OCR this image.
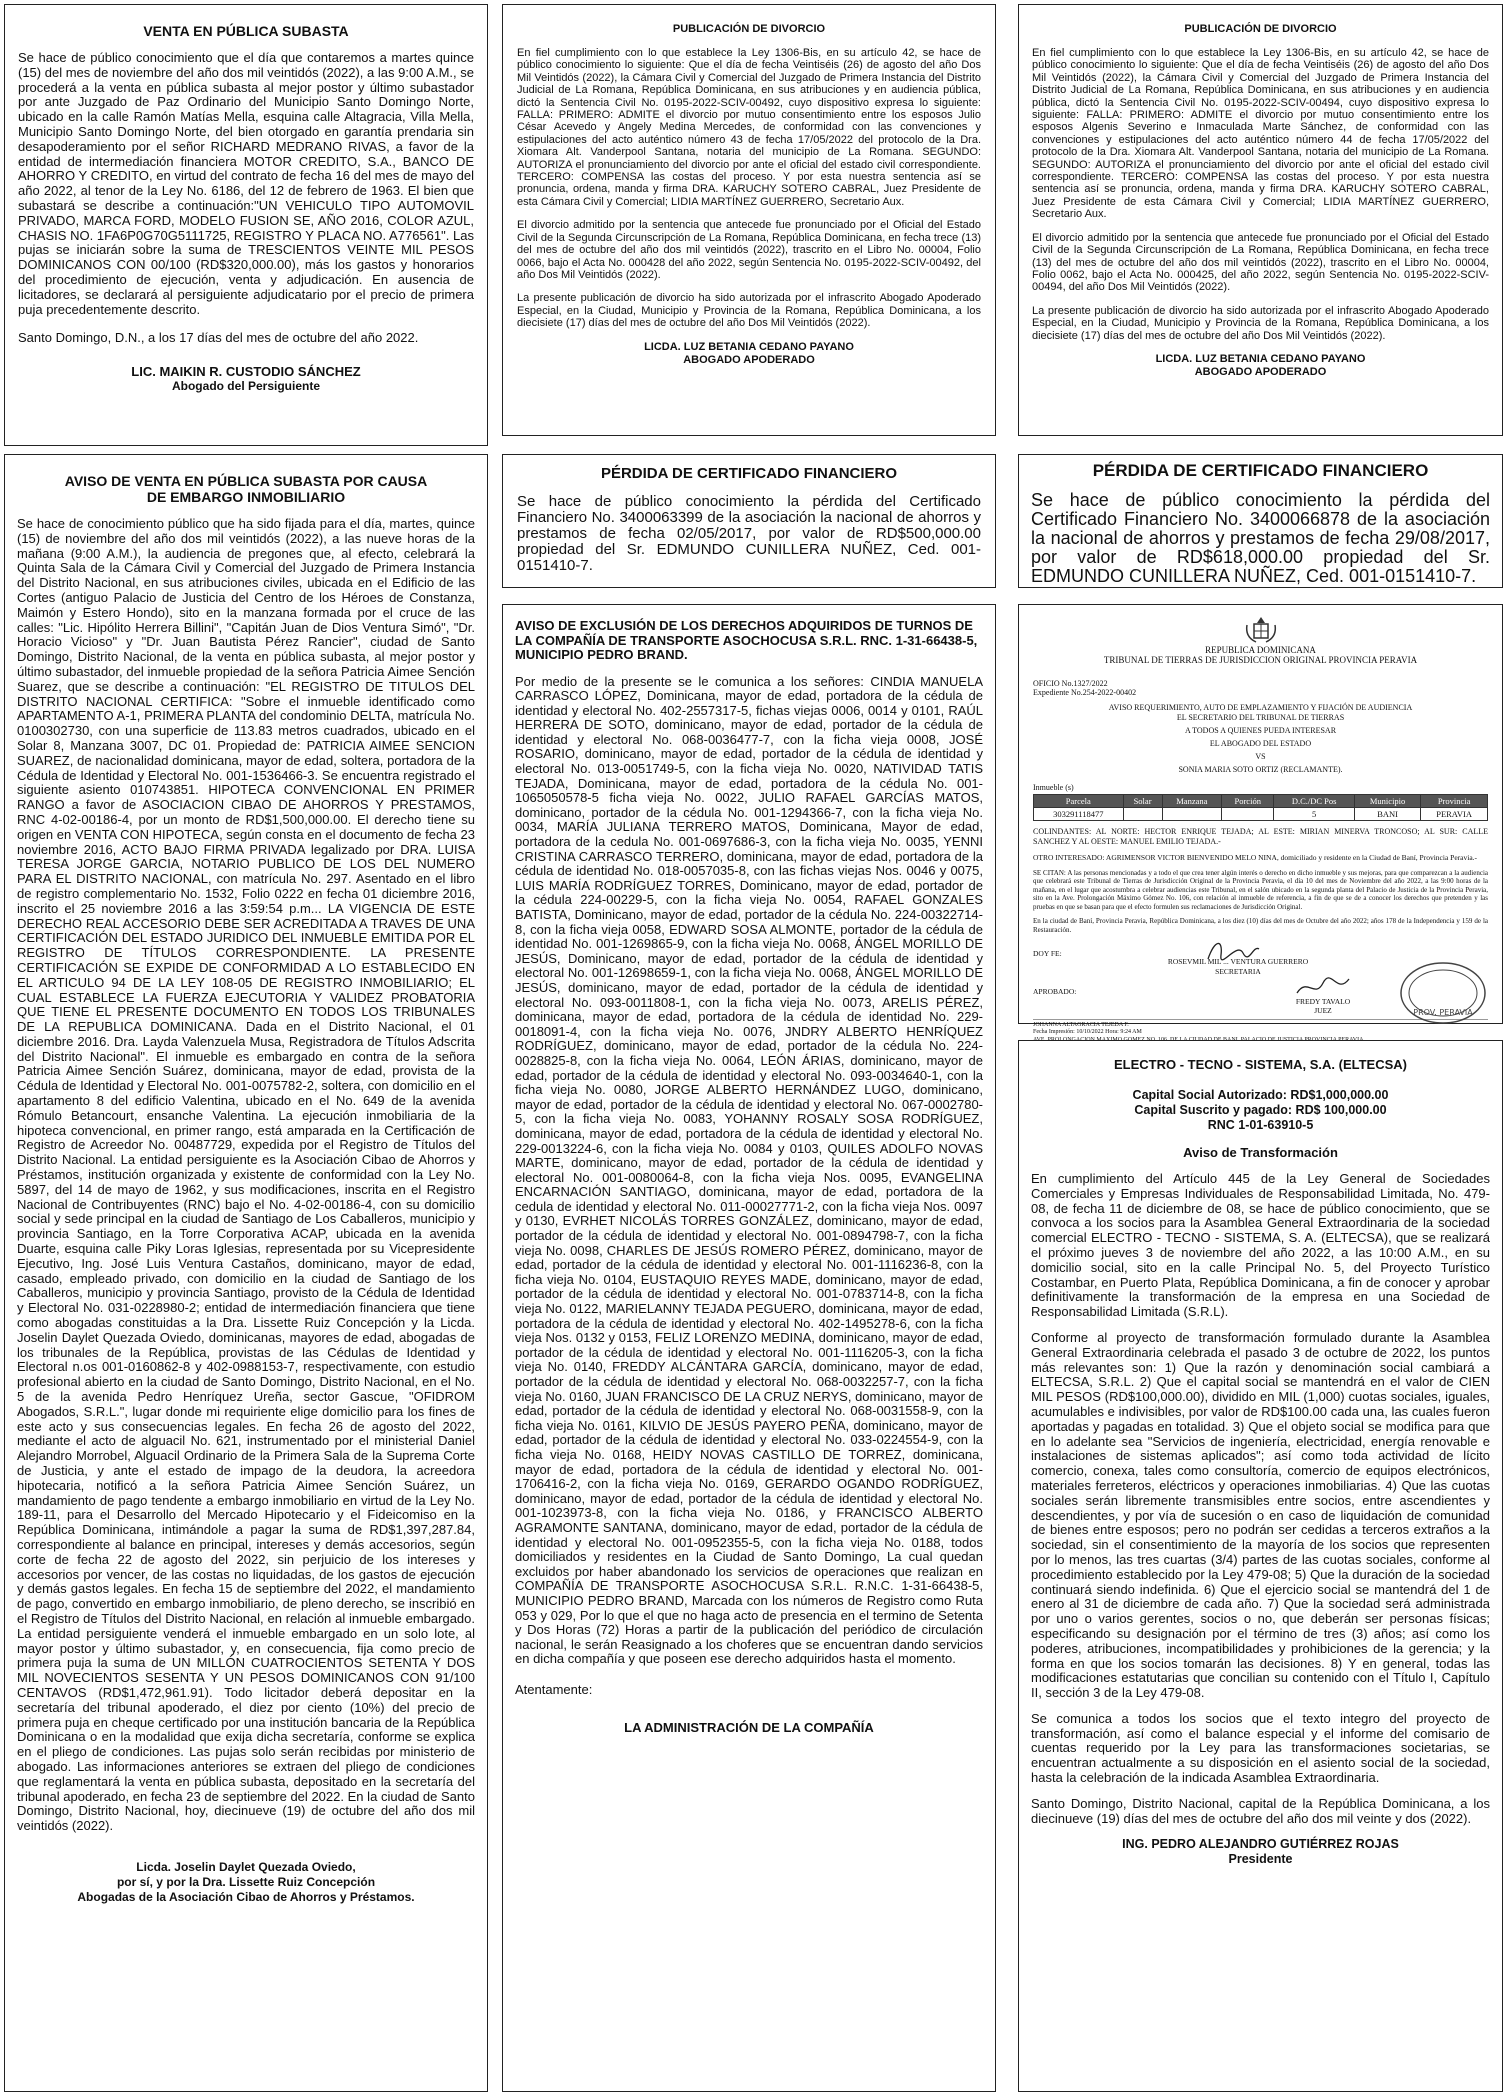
VENTA EN PÚBLICA SUBASTA
Se hace de público conocimiento que el día que contaremos a martes quince (15) del mes de noviembre del año dos mil veintidós (2022), a las 9:00 A.M., se procederá a la venta en pública subasta al mejor postor y último subastador por ante Juzgado de Paz Ordinario del Municipio Santo Domingo Norte, ubicado en la calle Ramón Matías Mella, esquina calle Altagracia, Villa Mella, Municipio Santo Domingo Norte, del bien otorgado en garantía prendaria sin desapoderamiento por el señor RICHARD MEDRANO RIVAS, a favor de la entidad de intermediación financiera MOTOR CREDITO, S.A., BANCO DE AHORRO Y CREDITO, en virtud del contrato de fecha 16 del mes de mayo del año 2022, al tenor de la Ley No. 6186, del 12 de febrero de 1963. El bien que subastará se describe a continuación:"UN VEHICULO TIPO AUTOMOVIL PRIVADO, MARCA FORD, MODELO FUSION SE, AÑO 2016, COLOR AZUL, CHASIS NO. 1FA6P0G70G5111725, REGISTRO Y PLACA NO. A776561". Las pujas se iniciarán sobre la suma de TRESCIENTOS VEINTE MIL PESOS DOMINICANOS CON 00/100 (RD$320,000.00), más los gastos y honorarios del procedimiento de ejecución, venta y adjudicación. En ausencia de licitadores, se declarará al persiguiente adjudicatario por el precio de primera puja precedentemente descrito.
Santo Domingo, D.N., a los 17 días del mes de octubre del año 2022.
LIC. MAIKIN R. CUSTODIO SÁNCHEZ
Abogado del Persiguiente
AVISO DE VENTA EN PÚBLICA SUBASTA POR CAUSA DE EMBARGO INMOBILIARIO
Se hace de conocimiento público que ha sido fijada para el día, martes, quince (15) de noviembre del año dos mil veintidós (2022), a las nueve horas de la mañana (9:00 A.M.), la audiencia de pregones que, al efecto, celebrará la Quinta Sala de la Cámara Civil y Comercial del Juzgado de Primera Instancia del Distrito Nacional, en sus atribuciones civiles, ubicada en el Edificio de las Cortes (antiguo Palacio de Justicia del Centro de los Héroes de Constanza, Maimón y Estero Hondo), sito en la manzana formada por el cruce de las calles: "Lic. Hipólito Herrera Billini", "Capitán Juan de Dios Ventura Simó", "Dr. Horacio Vicioso" y "Dr. Juan Bautista Pérez Rancier", ciudad de Santo Domingo, Distrito Nacional, de la venta en pública subasta, al mejor postor y último subastador, del inmueble propiedad de la señora Patricia Aimee Sención Suarez, que se describe a continuación: "EL REGISTRO DE TITULOS DEL DISTRITO NACIONAL CERTIFICA: "Sobre el inmueble identificado como APARTAMENTO A-1, PRIMERA PLANTA del condominio DELTA, matrícula No. 0100302730, con una superficie de 113.83 metros cuadrados, ubicado en el Solar 8, Manzana 3007, DC 01. Propiedad de: PATRICIA AIMEE SENCION SUAREZ, de nacionalidad dominicana, mayor de edad, soltera, portadora de la Cédula de Identidad y Electoral No. 001-1536466-3. Se encuentra registrado el siguiente asiento 010743851. HIPOTECA CONVENCIONAL EN PRIMER RANGO a favor de ASOCIACION CIBAO DE AHORROS Y PRESTAMOS, RNC 4-02-00186-4, por un monto de RD$1,500,000.00. El derecho tiene su origen en VENTA CON HIPOTECA, según consta en el documento de fecha 23 noviembre 2016, ACTO BAJO FIRMA PRIVADA legalizado por DRA. LUISA TERESA JORGE GARCIA, NOTARIO PUBLICO DE LOS DEL NUMERO PARA EL DISTRITO NACIONAL, con matrícula No. 297. Asentado en el libro de registro complementario No. 1532, Folio 0222 en fecha 01 diciembre 2016, inscrito el 25 noviembre 2016 a las 3:59:54 p.m... LA VIGENCIA DE ESTE DERECHO REAL ACCESORIO DEBE SER ACREDITADA A TRAVES DE UNA CERTIFICACIÓN DEL ESTADO JURIDICO DEL INMUEBLE EMITIDA POR EL REGISTRO DE TÍTULOS CORRESPONDIENTE. LA PRESENTE CERTIFICACIÓN SE EXPIDE DE CONFORMIDAD A LO ESTABLECIDO EN EL ARTICULO 94 DE LA LEY 108-05 DE REGISTRO INMOBILIARIO; EL CUAL ESTABLECE LA FUERZA EJECUTORIA Y VALIDEZ PROBATORIA QUE TIENE EL PRESENTE DOCUMENTO EN TODOS LOS TRIBUNALES DE LA REPUBLICA DOMINICANA. Dada en el Distrito Nacional, el 01 diciembre 2016. Dra. Layda Valenzuela Musa, Registradora de Títulos Adscrita del Distrito Nacional". El inmueble es embargado en contra de la señora Patricia Aimee Sención Suárez, dominicana, mayor de edad, provista de la Cédula de Identidad y Electoral No. 001-0075782-2, soltera, con domicilio en el apartamento 8 del edificio Valentina, ubicado en el No. 649 de la avenida Rómulo Betancourt, ensanche Valentina. La ejecución inmobiliaria de la hipoteca convencional, en primer rango, está amparada en la Certificación de Registro de Acreedor No. 00487729, expedida por el Registro de Títulos del Distrito Nacional. La entidad persiguiente es la Asociación Cibao de Ahorros y Préstamos, institución organizada y existente de conformidad con la Ley No. 5897, del 14 de mayo de 1962, y sus modificaciones, inscrita en el Registro Nacional de Contribuyentes (RNC) bajo el No. 4-02-00186-4, con su domicilio social y sede principal en la ciudad de Santiago de Los Caballeros, municipio y provincia Santiago, en la Torre Corporativa ACAP, ubicada en la avenida Duarte, esquina calle Piky Loras Iglesias, representada por su Vicepresidente Ejecutivo, Ing. José Luis Ventura Castaños, dominicano, mayor de edad, casado, empleado privado, con domicilio en la ciudad de Santiago de los Caballeros, municipio y provincia Santiago, provisto de la Cédula de Identidad y Electoral No. 031-0228980-2; entidad de intermediación financiera que tiene como abogadas constituidas a la Dra. Lissette Ruiz Concepción y la Licda. Joselin Daylet Quezada Oviedo, dominicanas, mayores de edad, abogadas de los tribunales de la República, provistas de las Cédulas de Identidad y Electoral n.os 001-0160862-8 y 402-0988153-7, respectivamente, con estudio profesional abierto en la ciudad de Santo Domingo, Distrito Nacional, en el No. 5 de la avenida Pedro Henríquez Ureña, sector Gascue, "OFIDROM Abogados, S.R.L.", lugar donde mi requiriente elige domicilio para los fines de este acto y sus consecuencias legales. En fecha 26 de agosto del 2022, mediante el acto de alguacil No. 621, instrumentado por el ministerial Daniel Alejandro Morrobel, Alguacil Ordinario de la Primera Sala de la Suprema Corte de Justicia, y ante el estado de impago de la deudora, la acreedora hipotecaria, notificó a la señora Patricia Aimee Sención Suárez, un mandamiento de pago tendente a embargo inmobiliario en virtud de la Ley No. 189-11, para el Desarrollo del Mercado Hipotecario y el Fideicomiso en la República Dominicana, intimándole a pagar la suma de RD$1,397,287.84, correspondiente al balance en principal, intereses y demás accesorios, según corte de fecha 22 de agosto del 2022, sin perjuicio de los intereses y accesorios por vencer, de las costas no liquidadas, de los gastos de ejecución y demás gastos legales. En fecha 15 de septiembre del 2022, el mandamiento de pago, convertido en embargo inmobiliario, de pleno derecho, se inscribió en el Registro de Títulos del Distrito Nacional, en relación al inmueble embargado. La entidad persiguiente venderá el inmueble embargado en un solo lote, al mayor postor y último subastador, y, en consecuencia, fija como precio de primera puja la suma de UN MILLÓN CUATROCIENTOS SETENTA Y DOS MIL NOVECIENTOS SESENTA Y UN PESOS DOMINICANOS CON 91/100 CENTAVOS (RD$1,472,961.91). Todo licitador deberá depositar en la secretaría del tribunal apoderado, el diez por ciento (10%) del precio de primera puja en cheque certificado por una institución bancaria de la República Dominicana o en la modalidad que exija dicha secretaría, conforme se explica en el pliego de condiciones. Las pujas solo serán recibidas por ministerio de abogado. Las informaciones anteriores se extraen del pliego de condiciones que reglamentará la venta en pública subasta, depositado en la secretaría del tribunal apoderado, en fecha 23 de septiembre del 2022. En la ciudad de Santo Domingo, Distrito Nacional, hoy, diecinueve (19) de octubre del año dos mil veintidós (2022).
Licda. Joselin Daylet Quezada Oviedo,
por sí, y por la Dra. Lissette Ruiz Concepción
Abogadas de la Asociación Cibao de Ahorros y Préstamos.
PUBLICACIÓN DE DIVORCIO

En fiel cumplimiento con lo que establece la Ley 1306-Bis, en su artículo 42, se hace de público conocimiento lo siguiente: Que el día de fecha Veintiséis (26) de agosto del año Dos Mil Veintidós (2022), la Cámara Civil y Comercial del Juzgado de Primera Instancia del Distrito Judicial de La Romana, República Dominicana, en sus atribuciones y en audiencia pública, dictó la Sentencia Civil No. 0195-2022-SCIV-00492, cuyo dispositivo expresa lo siguiente: FALLA: PRIMERO: ADMITE el divorcio por mutuo consentimiento entre los esposos Julio César Acevedo y Angely Medina Mercedes, de conformidad con las convenciones y estipulaciones del acto auténtico número 43 de fecha 17/05/2022 del protocolo de la Dra. Xiomara Alt. Vanderpool Santana, notaria del municipio de La Romana. SEGUNDO: AUTORIZA el pronunciamiento del divorcio por ante el oficial del estado civil correspondiente. TERCERO: COMPENSA las costas del proceso. Y por esta nuestra sentencia así se pronuncia, ordena, manda y firma DRA. KARUCHY SOTERO CABRAL, Juez Presidente de esta Cámara Civil y Comercial; LIDIA MARTÍNEZ GUERRERO, Secretario Aux.

El divorcio admitido por la sentencia que antecede fue pronunciado por el Oficial del Estado Civil de la Segunda Circunscripción de La Romana, República Dominicana, en fecha trece (13) del mes de octubre del año dos mil veintidós (2022), trascrito en el Libro No. 00004, Folio 0066, bajo el Acta No. 000428 del año 2022, según Sentencia No. 0195-2022-SCIV-00492, del año Dos Mil Veintidós (2022).

La presente publicación de divorcio ha sido autorizada por el infrascrito Abogado Apoderado Especial, en la Ciudad, Municipio y Provincia de la Romana, República Dominicana, a los diecisiete (17) días del mes de octubre del año Dos Mil Veintidós (2022).

LICDA. LUZ BETANIA CEDANO PAYANO
ABOGADO APODERADO
PÉRDIDA DE CERTIFICADO FINANCIERO
Se hace de público conocimiento la pérdida del Certificado Financiero No. 3400063399 de la asociación la nacional de ahorros y prestamos de fecha 02/05/2017, por valor de RD$500,000.00 propiedad del Sr. EDMUNDO CUNILLERA NUÑEZ, Ced. 001-0151410-7.
AVISO DE EXCLUSIÓN DE LOS DERECHOS ADQUIRIDOS DE TURNOS DE LA COMPAÑÍA DE TRANSPORTE ASOCHOCUSA S.R.L. RNC. 1-31-66438-5, MUNICIPIO PEDRO BRAND.
Por medio de la presente se le comunica a los señores: CINDIA MANUELA CARRASCO LÓPEZ, Dominicana, mayor de edad, portadora de la cédula de identidad y electoral No. 402-2557317-5, fichas viejas 0006, 0014 y 0101, RAÚL HERRERA DE SOTO, dominicano, mayor de edad, portador de la cédula de identidad y electoral No. 068-0036477-7, con la ficha vieja 0008, JOSÉ ROSARIO, dominicano, mayor de edad, portador de la cédula de identidad y electoral No. 013-0051749-5, con la ficha vieja No. 0020, NATIVIDAD TATIS TEJADA, Dominicana, mayor de edad, portadora de la cédula No. 001-1065050578-5 ficha vieja No. 0022, JULIO RAFAEL GARCÍAS MATOS, dominicano, portador de la cédula No. 001-1294366-7, con la ficha vieja No. 0034, MARÍA JULIANA TERRERO MATOS, Dominicana, Mayor de edad, portadora de la cedula No. 001-0697686-3, con la ficha vieja No. 0035, YENNI CRISTINA CARRASCO TERRERO, dominicana, mayor de edad, portadora de la cédula de identidad No. 018-0057035-8, con las fichas viejas Nos. 0046 y 0075, LUIS MARÍA RODRÍGUEZ TORRES, Dominicano, mayor de edad, portador de la cédula 224-00229-5, con la ficha vieja No. 0054, RAFAEL GONZALES BATISTA, Dominicano, mayor de edad, portador de la cédula No. 224-00322714-8, con la ficha vieja 0058, EDWARD SOSA ALMONTE, portador de la cédula de identidad No. 001-1269865-9, con la ficha vieja No. 0068, ÁNGEL MORILLO DE JESÚS, Dominicano, mayor de edad, portador de la cédula de identidad y electoral No. 001-12698659-1, con la ficha vieja No. 0068, ÁNGEL MORILLO DE JESÚS, dominicano, mayor de edad, portador de la cédula de identidad y electoral No. 093-0011808-1, con la ficha vieja No. 0073, ARELIS PÉREZ, dominicana, mayor de edad, portadora de la cédula de identidad No. 229-0018091-4, con la ficha vieja No. 0076, JNDRY ALBERTO HENRÍQUEZ RODRÍGUEZ, dominicano, mayor de edad, portador de la cédula No. 224-0028825-8, con la ficha vieja No. 0064, LEÓN ÁRIAS, dominicano, mayor de edad, portador de la cédula de identidad y electoral No. 093-0034640-1, con la ficha vieja No. 0080, JORGE ALBERTO HERNÁNDEZ LUGO, dominicano, mayor de edad, portador de la cédula de identidad y electoral No. 067-0002780-5, con la ficha vieja No. 0083, YOHANNY ROSALY SOSA RODRÍGUEZ, dominicana, mayor de edad, portadora de la cédula de identidad y electoral No. 229-0013224-6, con la ficha vieja No. 0084 y 0103, QUILES ADOLFO NOVAS MARTE, dominicano, mayor de edad, portador de la cédula de identidad y electoral No. 001-0080064-8, con la ficha vieja Nos. 0095, EVANGELINA ENCARNACIÓN SANTIAGO, dominicana, mayor de edad, portadora de la cedula de identidad y electoral No. 011-00027771-2, con la ficha vieja Nos. 0097 y 0130, EVRHET NICOLÁS TORRES GONZÁLEZ, dominicano, mayor de edad, portador de la cédula de identidad y electoral No. 001-0894798-7, con la ficha vieja No. 0098, CHARLES DE JESÚS ROMERO PÉREZ, dominicano, mayor de edad, portador de la cédula de identidad y electoral No. 001-1116236-8, con la ficha vieja No. 0104, EUSTAQUIO REYES MADE, dominicano, mayor de edad, portador de la cédula de identidad y electoral No. 001-0783714-8, con la ficha vieja No. 0122, MARIELANNY TEJADA PEGUERO, dominicana, mayor de edad, portadora de la cédula de identidad y electoral No. 402-1495278-6, con la ficha vieja Nos. 0132 y 0153, FELIZ LORENZO MEDINA, dominicano, mayor de edad, portador de la cédula de identidad y electoral No. 001-1116205-3, con la ficha vieja No. 0140, FREDDY ALCÁNTARA GARCÍA, dominicano, mayor de edad, portador de la cédula de identidad y electoral No. 068-0032257-7, con la ficha vieja No. 0160, JUAN FRANCISCO DE LA CRUZ NERYS, dominicano, mayor de edad, portador de la cédula de identidad y electoral No. 068-0031558-9, con la ficha vieja No. 0161, KILVIO DE JESÚS PAYERO PEÑA, dominicano, mayor de edad, portador de la cédula de identidad y electoral No. 033-0224554-9, con la ficha vieja No. 0168, HEIDY NOVAS CASTILLO DE TORREZ, dominicana, mayor de edad, portadora de la cédula de identidad y electoral No. 001-1706416-2, con la ficha vieja No. 0169, GERARDO OGANDO RODRÍGUEZ, dominicano, mayor de edad, portador de la cédula de identidad y electoral No. 001-1023973-8, con la ficha vieja No. 0186, y FRANCISCO ALBERTO AGRAMONTE SANTANA, dominicano, mayor de edad, portador de la cédula de identidad y electoral No. 001-0952355-5, con la ficha vieja No. 0188, todos domiciliados y residentes en la Ciudad de Santo Domingo, La cual quedan excluidos por haber abandonado los servicios de operaciones que realizan en COMPAÑÍA DE TRANSPORTE ASOCHOCUSA S.R.L. R.N.C. 1-31-66438-5, MUNICIPIO PEDRO BRAND, Marcada con los números de Registro como Ruta 053 y 029, Por lo que el que no haga acto de presencia en el termino de Setenta y Dos Horas (72) Horas a partir de la publicación del periódico de circulación nacional, le serán Reasignado a los choferes que se encuentran dando servicios en dicha compañía y que poseen ese derecho adquiridos hasta el momento.
Atentamente:
LA ADMINISTRACIÓN DE LA COMPAÑÍA
PUBLICACIÓN DE DIVORCIO

En fiel cumplimiento con lo que establece la Ley 1306-Bis, en su artículo 42, se hace de público conocimiento lo siguiente: Que el día de fecha Veintiséis (26) de agosto del año Dos Mil Veintidós (2022), la Cámara Civil y Comercial del Juzgado de Primera Instancia del Distrito Judicial de La Romana, República Dominicana, en sus atribuciones y en audiencia pública, dictó la Sentencia Civil No. 0195-2022-SCIV-00494, cuyo dispositivo expresa lo siguiente: FALLA: PRIMERO: ADMITE el divorcio por mutuo consentimiento entre los esposos Algenis Severino e Inmaculada Marte Sánchez, de conformidad con las convenciones y estipulaciones del acto auténtico número 44 de fecha 17/05/2022 del protocolo de la Dra. Xiomara Alt. Vanderpool Santana, notaria del municipio de La Romana. SEGUNDO: AUTORIZA el pronunciamiento del divorcio por ante el oficial del estado civil correspondiente. TERCERO: COMPENSA las costas del proceso. Y por esta nuestra sentencia así se pronuncia, ordena, manda y firma DRA. KARUCHY SOTERO CABRAL, Juez Presidente de esta Cámara Civil y Comercial; LIDIA MARTÍNEZ GUERRERO, Secretario Aux.

El divorcio admitido por la sentencia que antecede fue pronunciado por el Oficial del Estado Civil de la Segunda Circunscripción de La Romana, República Dominicana, en fecha trece (13) del mes de octubre del año dos mil veintidós (2022), trascrito en el Libro No. 00004, Folio 0062, bajo el Acta No. 000425, del año 2022, según Sentencia No. 0195-2022-SCIV-00494, del año Dos Mil Veintidós (2022).

La presente publicación de divorcio ha sido autorizada por el infrascrito Abogado Apoderado Especial, en la Ciudad, Municipio y Provincia de la Romana, República Dominicana, a los diecisiete (17) días del mes de octubre del año Dos Mil Veintidós (2022).

LICDA. LUZ BETANIA CEDANO PAYANO
ABOGADO APODERADO
PÉRDIDA DE CERTIFICADO FINANCIERO
Se hace de público conocimiento la pérdida del Certificado Financiero No. 3400066878 de la asociación la nacional de ahorros y prestamos de fecha 29/08/2017, por valor de RD$618,000.00 propiedad del Sr. EDMUNDO CUNILLERA NUÑEZ, Ced. 001-0151410-7.
REPUBLICA DOMINICANA
TRIBUNAL DE TIERRAS DE JURISDICCION ORIGINAL PROVINCIA PERAVIA
OFICIO No.1327/2022
Expediente No.254-2022-00402
AVISO REQUERIMIENTO, AUTO DE EMPLAZAMIENTO Y FIJACIÓN DE AUDIENCIA
EL SECRETARIO DEL TRIBUNAL DE TIERRAS
A TODOS A QUIENES PUEDA INTERESAR
EL ABOGADO DEL ESTADO
VS
SONIA MARIA SOTO ORTIZ (RECLAMANTE).
Inmueble (s)
Parcela	Solar	Manzana	Porción	D.C./DC Pos	Municipio	Provincia
303291118477				5	BANI	PERAVIA
COLINDANTES: AL NORTE: HECTOR ENRIQUE TEJADA; AL ESTE: MIRIAN MINERVA TRONCOSO; AL SUR: CALLE SANCHEZ Y AL OESTE: MANUEL EMILIO TEJADA.-
OTRO INTERESADO: AGRIMENSOR VICTOR BIENVENIDO MELO NINA, domiciliado y residente en la Ciudad de Baní, Provincia Peravia.-
SE CITAN: A las personas mencionadas y a todo el que crea tener algún interés o derecho en dicho inmueble y sus mejoras, para que comparezcan a la audiencia que celebrará este Tribunal de Tierras de Jurisdicción Original de la Provincia Peravia, el día 10 del mes de Noviembre del año 2022, a las 9:00 horas de la mañana, en el lugar que acostumbra a celebrar audiencias este Tribunal, en el salón ubicado en la segunda planta del Palacio de Justicia de la Provincia Peravia, sito en la Ave. Prolongación Máximo Gómez No. 106, con relación al inmueble de referencia, a fin de que se de a conocer los derechos que pretenden y las pruebas en que se basan para que el efecto formulen sus reclamaciones de Jurisdicción Original.
En la ciudad de Baní, Provincia Peravia, República Dominicana, a los diez (10) días del mes de Octubre del año 2022; años 178 de la Independencia y 159 de la Restauración.
DOY FE:
ROSEVMIL MIL ... VENTURA GUERRERO
SECRETARIA
APROBADO:
FREDY TAVALO
JUEZ	PROV. PERAVIA
JOHANNA ALTAGRACIA TEJEDA F.
Fecha Impresión: 10/10/2022 Hora: 9:24 AM
ELECTRO - TECNO - SISTEMA, S.A. (ELTECSA)
Capital Social Autorizado: RD$1,000,000.00
Capital Suscrito y pagado: RD$ 100,000.00
RNC 1-01-63910-5
Aviso de Transformación

En cumplimiento del Artículo 445 de la Ley General de Sociedades Comerciales y Empresas Individuales de Responsabilidad Limitada, No. 479-08, de fecha 11 de diciembre de 08, se hace de público conocimiento, que se convoca a los socios para la Asamblea General Extraordinaria de la sociedad comercial ELECTRO - TECNO - SISTEMA, S. A. (ELTECSA), que se realizará el próximo jueves 3 de noviembre del año 2022, a las 10:00 A.M., en su domicilio social, sito en la calle Principal No. 5, del Proyecto Turístico Costambar, en Puerto Plata, República Dominicana, a fin de conocer y aprobar definitivamente la transformación de la empresa en una Sociedad de Responsabilidad Limitada (S.R.L).

Conforme al proyecto de transformación formulado durante la Asamblea General Extraordinaria celebrada el pasado 3 de octubre de 2022, los puntos más relevantes son: 1) Que la razón y denominación social cambiará a ELTECSA, S.R.L. 2) Que el capital social se mantendrá en el valor de CIEN MIL PESOS (RD$100,000.00), dividido en MIL (1,000) cuotas sociales, iguales, acumulables e indivisibles, por valor de RD$100.00 cada una, las cuales fueron aportadas y pagadas en totalidad. 3) Que el objeto social se modifica para que en lo adelante sea "Servicios de ingeniería, electricidad, energía renovable e instalaciones de sistemas aplicados"; así como toda actividad de lícito comercio, conexa, tales como consultoría, comercio de equipos electrónicos, materiales ferreteros, eléctricos y operaciones inmobiliarias. 4) Que las cuotas sociales serán libremente transmisibles entre socios, entre ascendientes y descendientes, y por vía de sucesión o en caso de liquidación de comunidad de bienes entre esposos; pero no podrán ser cedidas a terceros extraños a la sociedad, sin el consentimiento de la mayoría de los socios que representen por lo menos, las tres cuartas (3/4) partes de las cuotas sociales, conforme al procedimiento establecido por la Ley 479-08; 5) Que la duración de la sociedad continuará siendo indefinida. 6) Que el ejercicio social se mantendrá del 1 de enero al 31 de diciembre de cada año. 7) Que la sociedad será administrada por uno o varios gerentes, socios o no, que deberán ser personas físicas; especificando su designación por el término de tres (3) años; así como los poderes, atribuciones, incompatibilidades y prohibiciones de la gerencia; y la forma en que los socios tomarán las decisiones. 8) Y en general, todas las modificaciones estatutarias que concilian su contenido con el Título I, Capítulo II, sección 3 de la Ley 479-08.

Se comunica a todos los socios que el texto integro del proyecto de transformación, así como el balance especial y el informe del comisario de cuentas requerido por la Ley para las transformaciones societarias, se encuentran actualmente a su disposición en el asiento social de la sociedad, hasta la celebración de la indicada Asamblea Extraordinaria.

Santo Domingo, Distrito Nacional, capital de la República Dominicana, a los diecinueve (19) días del mes de octubre del año dos mil veinte y dos (2022).

ING. PEDRO ALEJANDRO GUTIÉRREZ ROJAS
Presidente
